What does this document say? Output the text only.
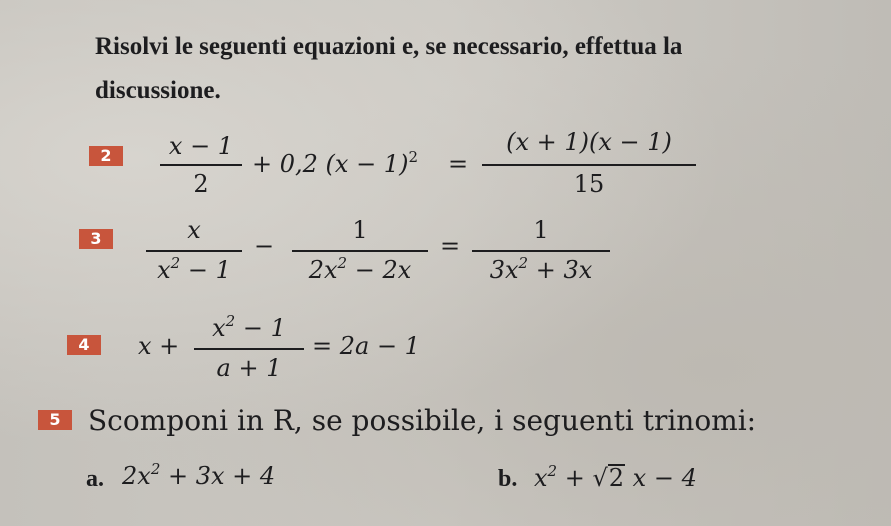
Risolvi le seguenti equazioni e, se necessario, effettua la
discussione.
2	x − 1
2
+ 0,2 $(x - 1)^2$ =
(x + 1)(x − 1)
15
3	x
$x^2 - 1$
−
1
$2x^2 - 2x$
=
1
$3x^2 + 3x$
4	x +
$x^2 - 1$
a + 1
= 2a − 1
5 Scomponi in R, se possibile, i seguenti trinomi:
a. $2x^2 + 3x + 4$	b. $x^2 + √2$ x − 4
